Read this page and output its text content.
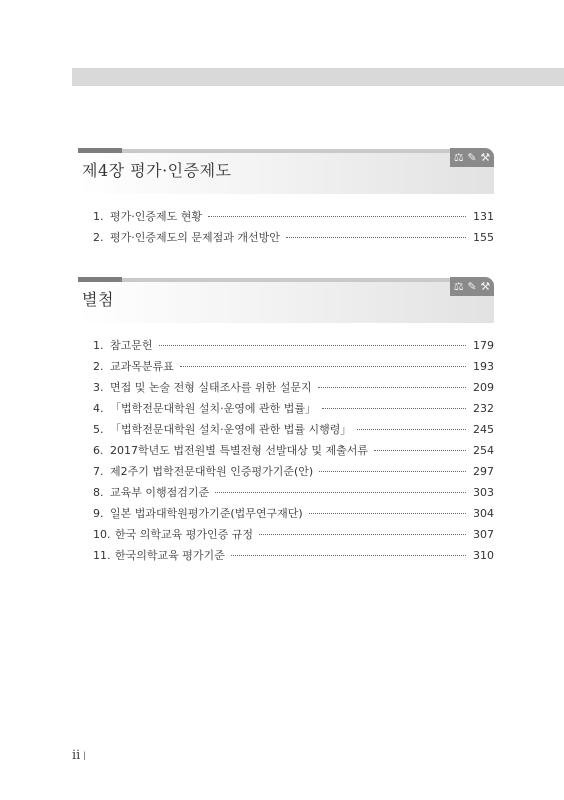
⚖ ✎ ⚒
제4장 평가·인증제도
1. 평가·인증제도 현황	131
2. 평가·인증제도의 문제점과 개선방안	155
⚖ ✎ ⚒
별첨
1. 참고문헌	179
2. 교과목분류표	193
3. 면접 및 논술 전형 실태조사를 위한 설문지	209
4. 「법학전문대학원 설치·운영에 관한 법률」	232
5. 「법학전문대학원 설치·운영에 관한 법률 시행령」	245
6. 2017학년도 법전원별 특별전형 선발대상 및 제출서류	254
7. 제2주기 법학전문대학원 인증평가기준(안)	297
8. 교육부 이행점검기준	303
9. 일본 법과대학원평가기준(법무연구재단)	304
10. 한국 의학교육 평가인증 규정	307
11. 한국의학교육 평가기준	310
ii |
